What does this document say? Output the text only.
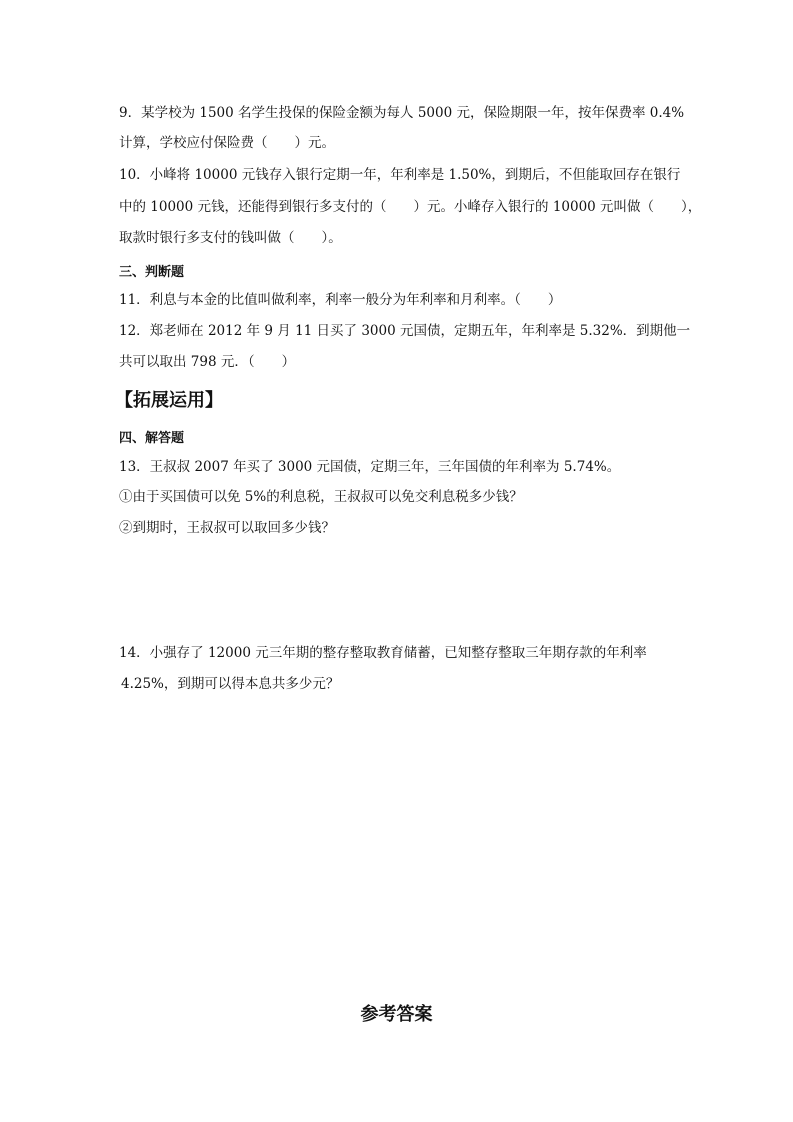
9．某学校为 1500 名学生投保的保险金额为每人 5000 元，保险期限一年，按年保费率 0.4%
计算，学校应付保险费（　　）元。
10．小峰将 10000 元钱存入银行定期一年，年利率是 1.50%，到期后，不但能取回存在银行
中的 10000 元钱，还能得到银行多支付的（　　）元。小峰存入银行的 10000 元叫做（　　），
取款时银行多支付的钱叫做（　　）。
三、判断题
11．利息与本金的比值叫做利率，利率一般分为年利率和月利率。（　　）
12．郑老师在 2012 年 9 月 11 日买了 3000 元国债，定期五年，年利率是 5.32%．到期他一
共可以取出 798 元．（　　）
【拓展运用】
四、解答题
13．王叔叔 2007 年买了 3000 元国债，定期三年，三年国债的年利率为 5.74%。
①由于买国债可以免 5%的利息税，王叔叔可以免交利息税多少钱？
②到期时，王叔叔可以取回多少钱？
14．小强存了 12000 元三年期的整存整取教育储蓄，已知整存整取三年期存款的年利率
4.25%，到期可以得本息共多少元？
参考答案
